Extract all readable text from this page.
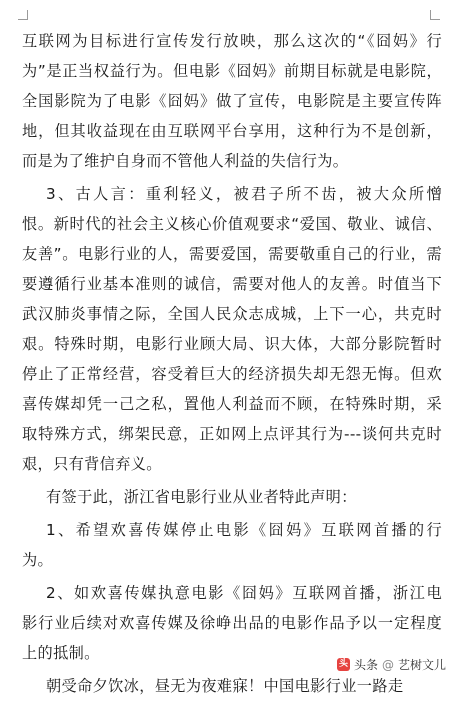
互联网为目标进行宣传发行放映，那么这次的“《囧妈》行
为”是正当权益行为。但电影《囧妈》前期目标就是电影院，
全国影院为了电影《囧妈》做了宣传，电影院是主要宣传阵
地，但其收益现在由互联网平台享用，这种行为不是创新，
而是为了维护自身而不管他人利益的失信行为。
3、古人言：重利轻义，被君子所不齿，被大众所憎
恨。新时代的社会主义核心价值观要求“爱国、敬业、诚信、
友善”。电影行业的人，需要爱国，需要敬重自己的行业，需
要遵循行业基本准则的诚信，需要对他人的友善。时值当下
武汉肺炎事情之际，全国人民众志成城，上下一心，共克时
艰。特殊时期，电影行业顾大局、识大体，大部分影院暂时
停止了正常经营，容受着巨大的经济损失却无怨无悔。但欢
喜传媒却凭一己之私，置他人利益而不顾，在特殊时期，采
取特殊方式，绑架民意，正如网上点评其行为---谈何共克时
艰，只有背信弃义。
有签于此，浙江省电影行业从业者特此声明：
1、希望欢喜传媒停止电影《囧妈》互联网首播的行
为。
2、如欢喜传媒执意电影《囧妈》互联网首播，浙江电
影行业后续对欢喜传媒及徐峥出品的电影作品予以一定程度
上的抵制。
朝受命夕饮冰，昼无为夜难寐！中国电影行业一路走
头 头条 @ 艺树文儿
